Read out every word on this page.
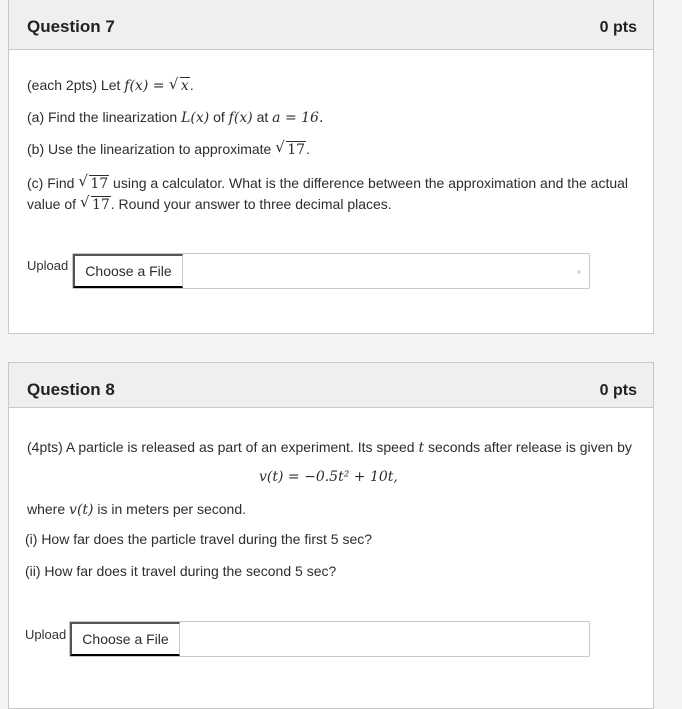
Question 7	0 pts
(each 2pts) Let f(x) = √ x.
(a) Find the linearization L(x) of f(x) at a = 16.
(b) Use the linearization to approximate √ 17.
(c) Find √ 17 using a calculator. What is the difference between the approximation and the actual
value of √ 17. Round your answer to three decimal places.
Upload	Choose a File
Question 8	0 pts
(4pts) A particle is released as part of an experiment. Its speed t seconds after release is given by
v(t) = −0.5t² + 10t,
where v(t) is in meters per second.
(i) How far does the particle travel during the first 5 sec?
(ii) How far does it travel during the second 5 sec?
Upload	Choose a File
